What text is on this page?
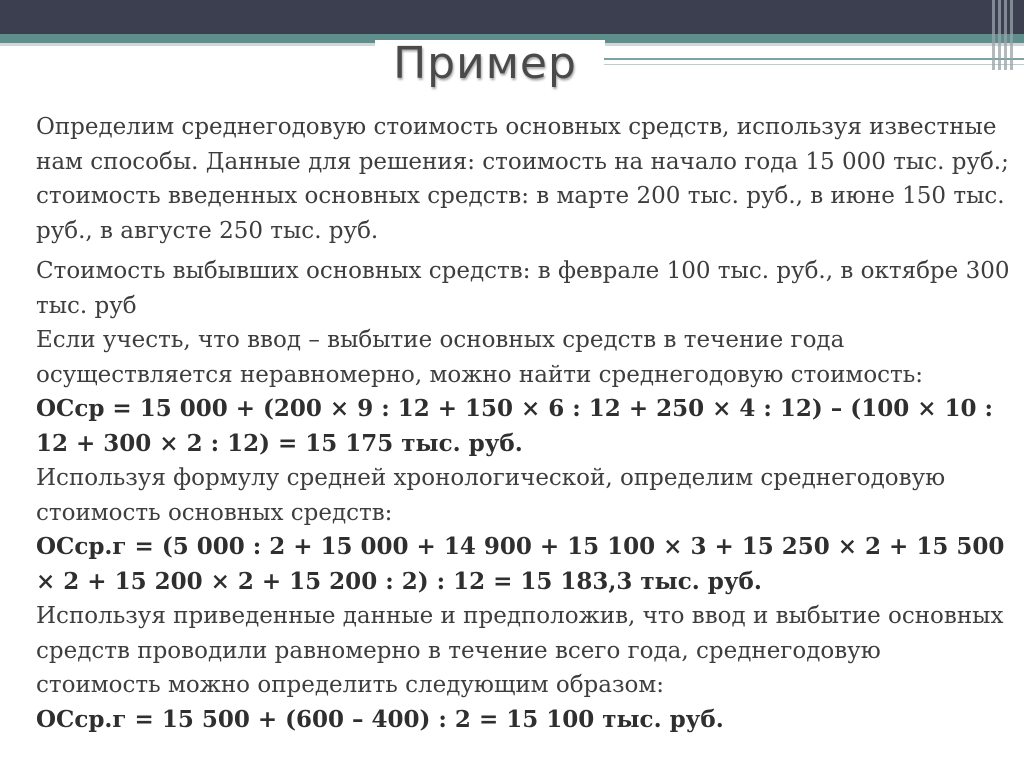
Пример

Определим среднегодовую стоимость основных средств, используя известные нам способы. Данные для решения: стоимость на начало года 15 000 тыс. руб.; стоимость введенных основных средств: в марте 200 тыс. руб., в июне 150 тыс. руб., в августе 250 тыс. руб.

Стоимость выбывших основных средств: в феврале 100 тыс. руб., в октябре 300 тыс. руб

Если учесть, что ввод – выбытие основных средств в течение года осуществляется неравномерно, можно найти среднегодовую стоимость:

ОСср = 15 000 + (200 × 9 : 12 + 150 × 6 : 12 + 250 × 4 : 12) – (100 × 10 : 12 + 300 × 2 : 12) = 15 175 тыс. руб.

Используя формулу средней хронологической, определим среднегодовую стоимость основных средств:

ОСср.г = (5 000 : 2 + 15 000 + 14 900 + 15 100 × 3 + 15 250 × 2 + 15 500 × 2 + 15 200 × 2 + 15 200 : 2) : 12 = 15 183,3 тыс. руб.

Используя приведенные данные и предположив, что ввод и выбытие основных средств проводили равномерно в течение всего года, среднегодовую стоимость можно определить следующим образом:

ОСср.г = 15 500 + (600 – 400) : 2 = 15 100 тыс. руб.
